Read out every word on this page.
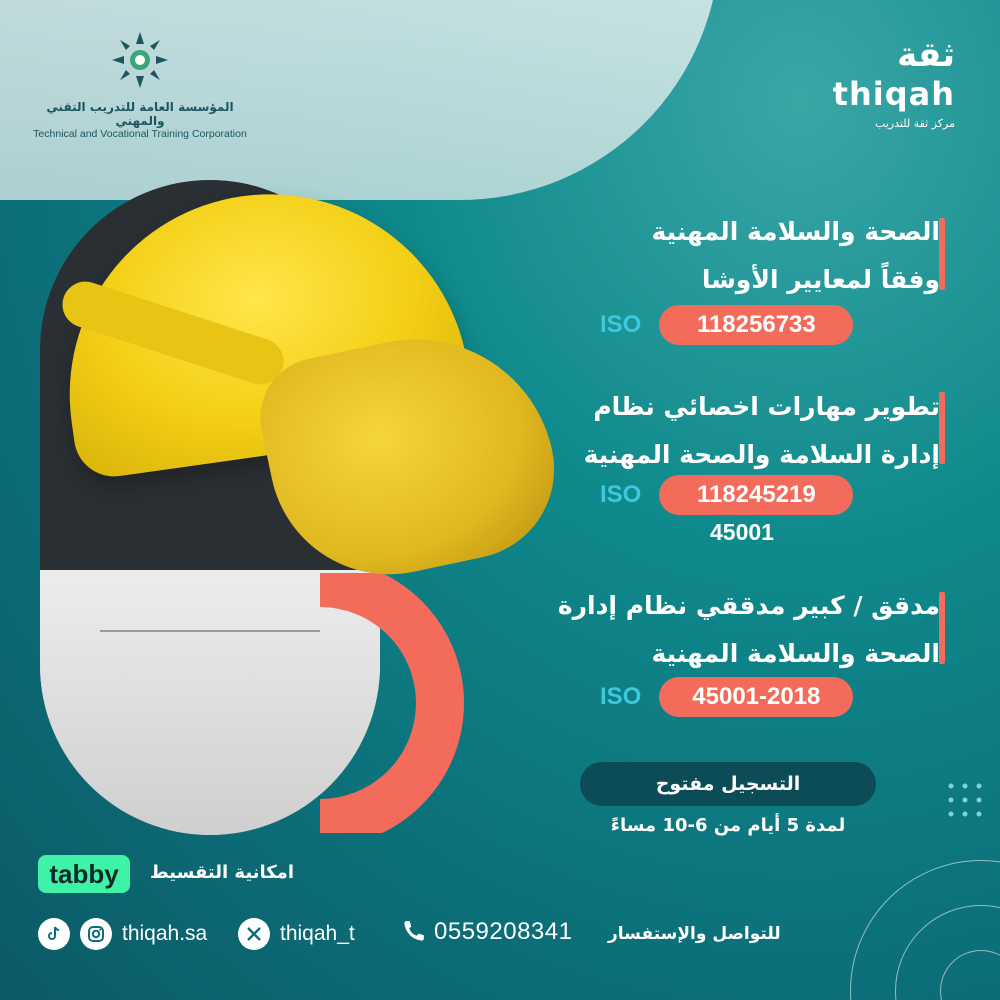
المؤسسة العامة للتدريب التقني والمهني
Technical and Vocational Training Corporation
ثقة
thiqah
مركز ثقة للتدريب
الصحة والسلامة المهنية
وفقاً لمعايير الأوشا
ISO	118256733
تطوير مهارات اخصائي نظام
إدارة السلامة والصحة المهنية
ISO	118245219
45001
مدقق / كبير مدققي نظام إدارة
الصحة والسلامة المهنية
ISO	45001-2018
التسجيل مفتوح
لمدة 5 أيام من 6-10 مساءً
tabby	امكانية التقسيط
thiqah.sa	thiqah_t	0559208341 للتواصل والإستفسار
